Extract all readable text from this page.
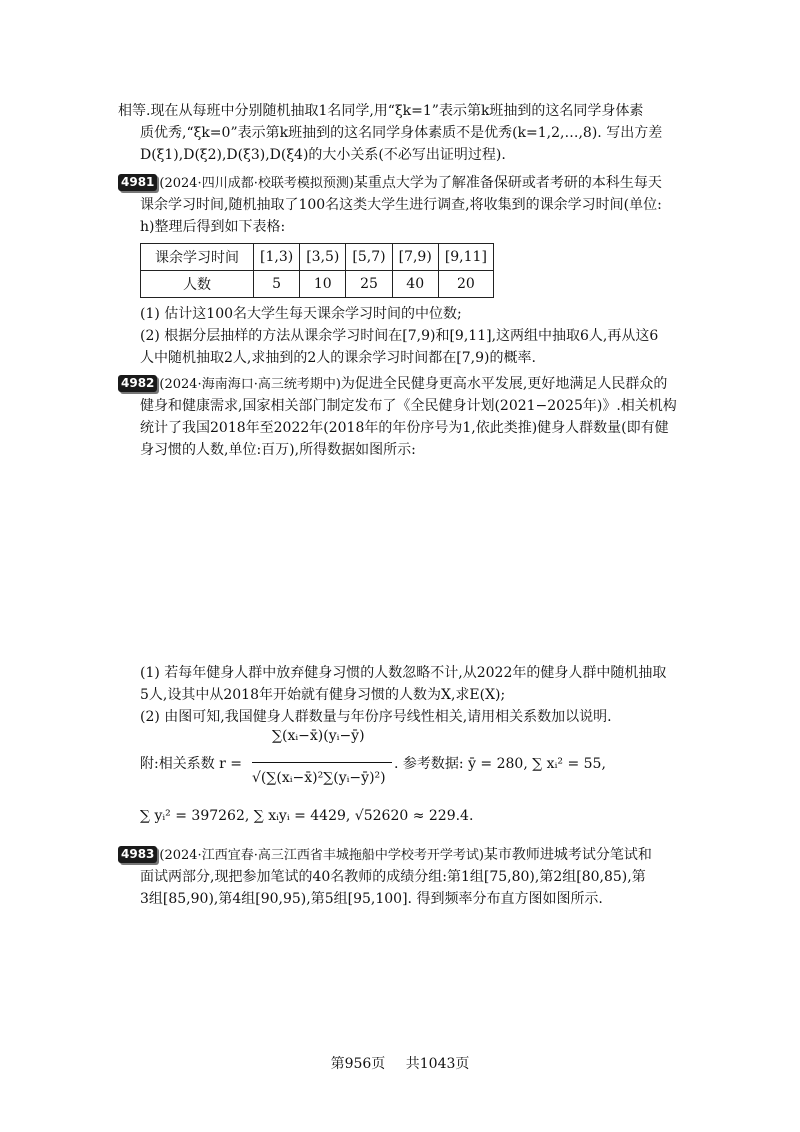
相等.现在从每班中分别随机抽取1名同学,用“ξk=1”表示第k班抽到的这名同学身体素
质优秀,“ξk=0”表示第k班抽到的这名同学身体素质不是优秀(k=1,2,…,8). 写出方差
D(ξ1),D(ξ2),D(ξ3),D(ξ4)的大小关系(不必写出证明过程).
4981 (2024·四川成都·校联考模拟预测)某重点大学为了解准备保研或者考研的本科生每天
课余学习时间,随机抽取了100名这类大学生进行调查,将收集到的课余学习时间(单位:
h)整理后得到如下表格:
课余学习时间	[1,3)	[3,5)	[5,7)	[7,9)	[9,11]
人数	5	10	25	40	20
(1) 估计这100名大学生每天课余学习时间的中位数;
(2) 根据分层抽样的方法从课余学习时间在[7,9)和[9,11],这两组中抽取6人,再从这6
人中随机抽取2人,求抽到的2人的课余学习时间都在[7,9)的概率.
4982 (2024·海南海口·高三统考期中)为促进全民健身更高水平发展,更好地满足人民群众的
健身和健康需求,国家相关部门制定发布了《全民健身计划(2021−2025年)》.相关机构
统计了我国2018年至2022年(2018年的年份序号为1,依此类推)健身人群数量(即有健
身习惯的人数,单位:百万),所得数据如图所示:
(1) 若每年健身人群中放弃健身习惯的人数忽略不计,从2022年的健身人群中随机抽取
5人,设其中从2018年开始就有健身习惯的人数为X,求E(X);
(2) 由图可知,我国健身人群数量与年份序号线性相关,请用相关系数加以说明.
附:相关系数 r =
∑(xᵢ−x̄)(yᵢ−ȳ)
√(∑(xᵢ−x̄)²∑(yᵢ−ȳ)²)
. 参考数据: ȳ = 280, ∑ xᵢ² = 55,
∑ yᵢ² = 397262, ∑ xᵢyᵢ = 4429, √52620 ≈ 229.4.
4983 (2024·江西宜春·高三江西省丰城拖船中学校考开学考试)某市教师进城考试分笔试和
面试两部分,现把参加笔试的40名教师的成绩分组:第1组[75,80),第2组[80,85),第
3组[85,90),第4组[90,95),第5组[95,100]. 得到频率分布直方图如图所示.
第956页 共1043页
